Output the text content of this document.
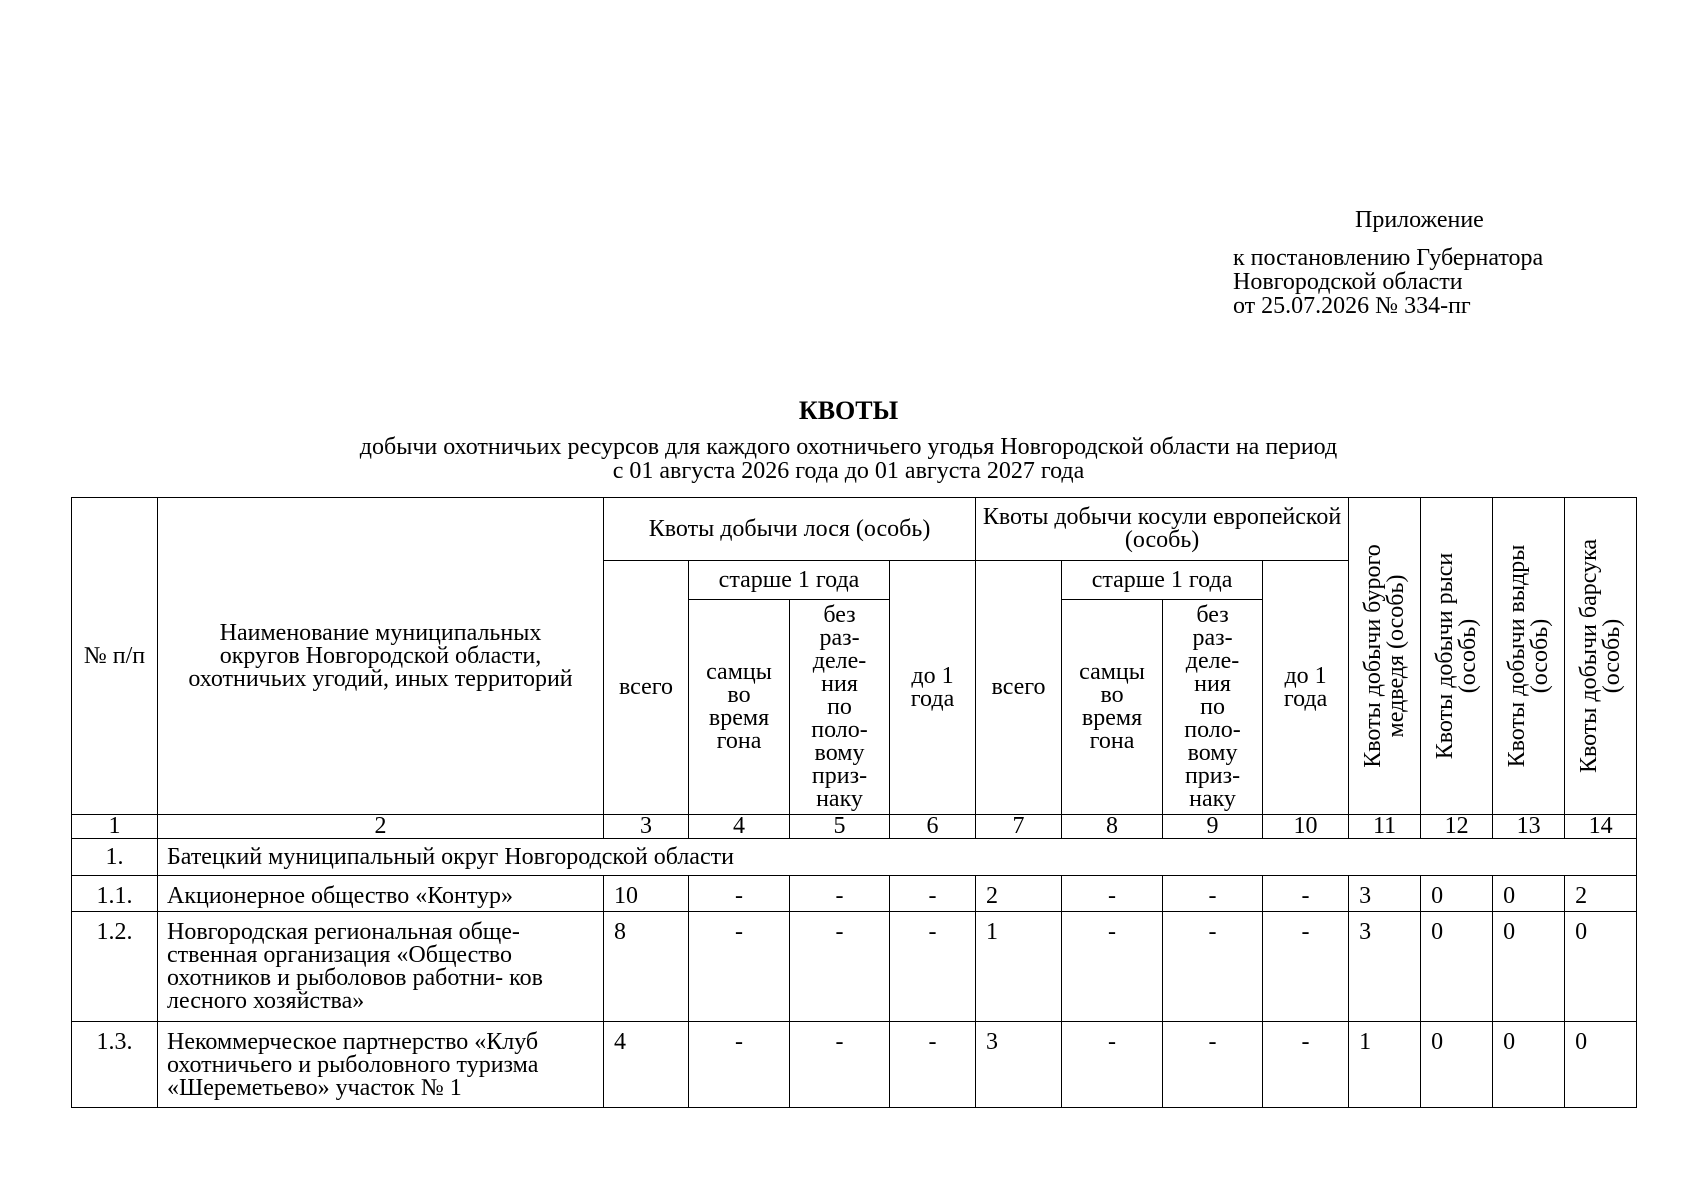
Приложение
к постановлению Губернатора
Новгородской области
от 25.07.2026 № 334-пг
КВОТЫ
добычи охотничьих ресурсов для каждого охотничьего угодья Новгородской области на период
с 01 августа 2026 года до 01 августа 2027 года
№ п/п	Наименование муниципальных округов Новгородской области, охотничьих угодий, иных территорий	Квоты добычи лося (особь)				Квоты добычи косули европейской (особь)				Квоты добычи бурого медведя (особь)	Квоты добычи рыси (особь)	Квоты добычи выдры (особь)	Квоты добычи барсука (особь)

		всего	старше 1 года		до 1 года	всего	старше 1 года		до 1 года				
			самцы во время гона	без раз- деле- ния по поло- вому приз- наку			самцы во время гона	без раз- деле- ния по поло- вому приз- наку					
1	2	3	4	5	6	7	8	9	10	11	12	13	14
1.	Батецкий муниципальный округ Новгородской области												
1.1.	Акционерное общество «Контур»	10	-	-	-	2	-	-	-	3	0	0	2
1.2.	Новгородская региональная обще- ственная организация «Общество охотников и рыболовов работни- ков лесного хозяйства»	8	-	-	-	1	-	-	-	3	0	0	0
1.3.	Некоммерческое партнерство «Клуб охотничьего и рыболовного туризма «Шереметьево» участок № 1	4	-	-	-	3	-	-	-	1	0	0	0
